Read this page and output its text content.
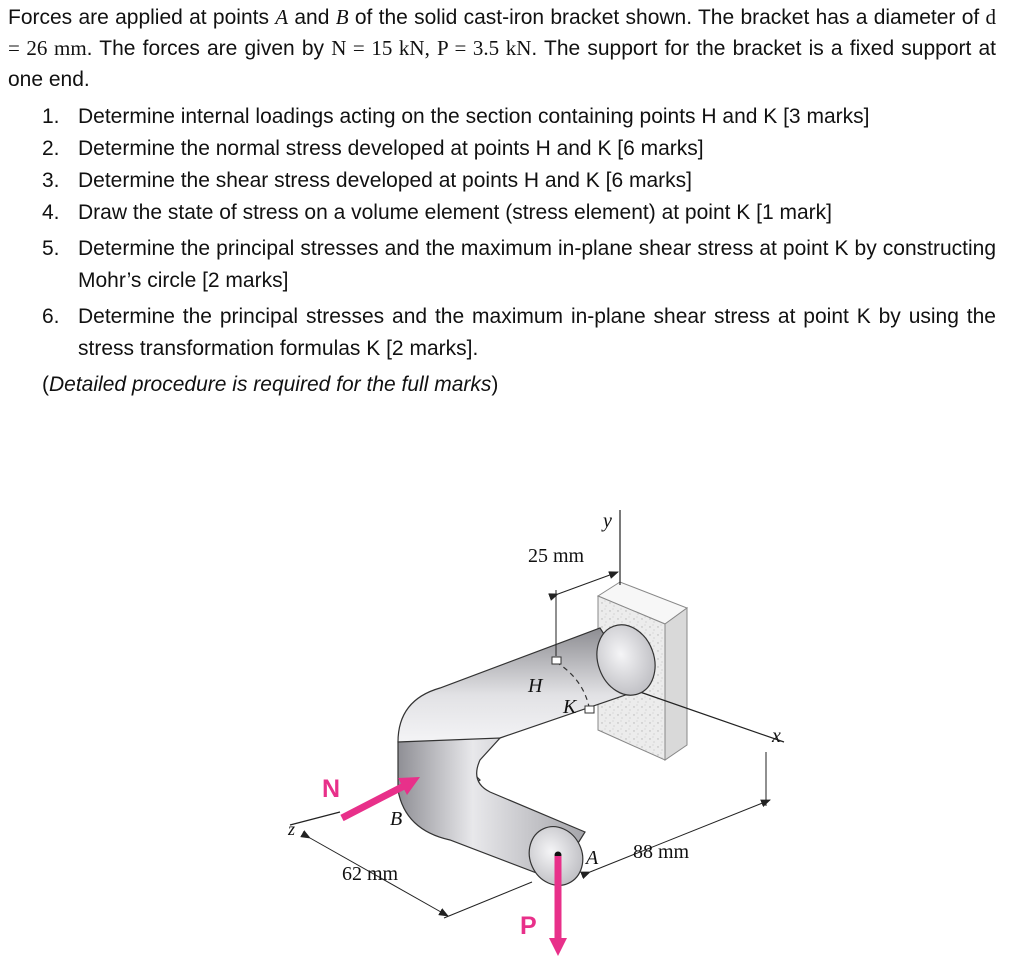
Forces are applied at points A and B of the solid cast-iron bracket shown. The bracket has a diameter of d = 26 mm. The forces are given by N = 15 kN, P = 3.5 kN. The support for the bracket is a fixed support at one end.
1. Determine internal loadings acting on the section containing points H and K [3 marks]
2. Determine the normal stress developed at points H and K [6 marks]
3. Determine the shear stress developed at points H and K [6 marks]
4. Draw the state of stress on a volume element (stress element) at point K [1 mark]
5. Determine the principal stresses and the maximum in-plane shear stress at point K by constructing Mohr’s circle [2 marks]
6. Determine the principal stresses and the maximum in-plane shear stress at point K by using the stress transformation formulas K [2 marks].
(Detailed procedure is required for the full marks)
25 mm
88 mm
62 mm
y
x
z
H
K
A
B
N
P
